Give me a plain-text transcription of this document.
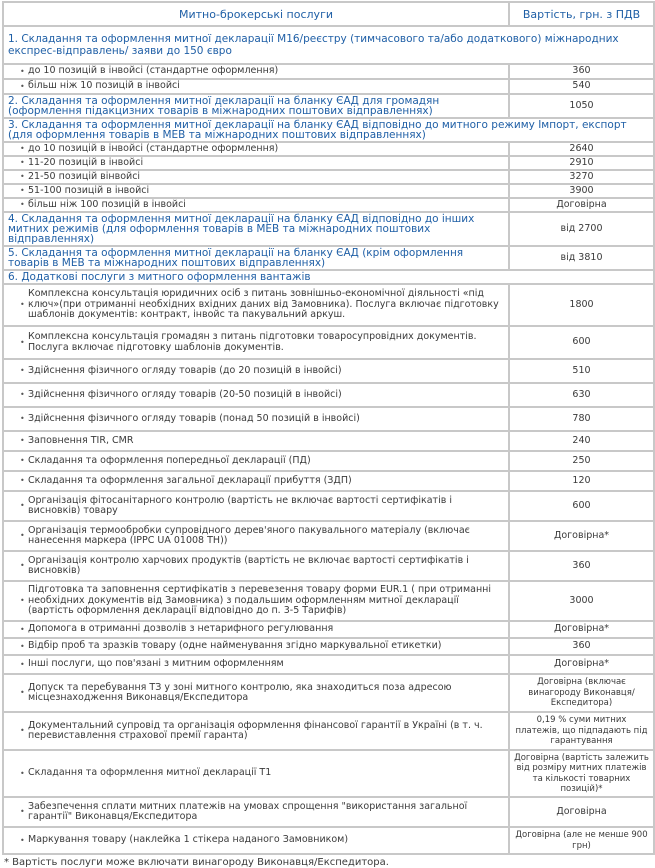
Митно-брокерські послуги	Вартість, грн. з ПДВ
1. Складання та оформлення митної декларації М16/реєстру (тимчасового та/або додаткового) міжнародних експрес-відправлень/ заяви до 150 євро	

• до 10 позицій в інвойсі (стандартне оформлення)	360

• більш ніж 10 позицій в інвойсі	540
2. Складання та оформлення митної декларації на бланку ЄАД для громадян (оформлення підакцизних товарів в міжнародних поштових відправленнях)	1050
3. Складання та оформлення митної декларації на бланку ЄАД відповідно до митного режиму Імпорт, експорт (для оформлення товарів в МЕВ та міжнародних поштових відправленнях)	

• до 10 позицій в інвойсі (стандартне оформлення)	2640

• 11-20 позицій в інвойсі	2910

• 21-50 позицій вінвойсі	3270

• 51-100 позицій в інвойсі	3900

• більш ніж 100 позицій в інвойсі	Договірна
4. Складання та оформлення митної декларації на бланку ЄАД відповідно до інших митних режимів (для оформлення товарів в МЕВ та міжнародних поштових відправленнях)	від 2700
5. Складання та оформлення митної декларації на бланку ЄАД (крім оформлення товарів в МЕВ та міжнародних поштових відправленнях)	від 3810
6. Додаткові послуги з митного оформлення вантажів	

•
Комплексна консультація юридичних осіб з питань зовнішньо-економічної діяльності «під ключ»(при отриманні необхідних вхідних даних від Замовника). Послуга включає підготовку шаблонів документів: контракт, інвойс та пакувальний аркуш.	1800

• Комплексна консультація громадян з питань підготовки товаросупровідних документів. Послуга включає підготовку шаблонів документів.	600

• Здійснення фізичного огляду товарів (до 20 позицій в інвойсі)	510

• Здійснення фізичного огляду товарів (20-50 позицій в інвойсі)	630

• Здійснення фізичного огляду товарів (понад 50 позицій в інвойсі)	780

• Заповнення TIR, CMR	240

• Складання та оформлення попередньої декларації (ПД)	250

• Складання та оформлення загальної декларації прибуття (ЗДП)	120

• Організація фітосанітарного контролю (вартість не включає вартості сертифікатів і висновків) товару	600

• Організація термообробки супровідного дерев'яного пакувального матеріалу (включає нанесення маркера (IPPC UA 01008 TH))	Договірна*

• Організація контролю харчових продуктів (вартість не включає вартості сертифікатів і висновків)	360

•
Підготовка та заповнення сертифікатів з перевезення товару форми EUR.1 ( при отриманні необхідних документів від Замовника) з подальшим оформленням митної декларації (вартість оформлення декларації відповідно до п. 3-5 Тарифів)	3000

• Допомога в отриманні дозволів з нетарифного регулювання	Договірна*

• Відбір проб та зразків товару (одне найменування згідно маркувальної етикетки)	360

• Інші послуги, що пов'язані з митним оформленням	Договірна*

• Допуск та перебування ТЗ у зоні митного контролю, яка знаходиться поза адресою місцезнаходження Виконавця/Експедитора	Договірна (включає винагороду Виконавця/ Експедитора)

• Документальний супровід та організація оформлення фінансової гарантії в Україні (в т. ч. перевиставлення страхової премії гаранта)	0,19 % суми митних платежів, що підпадають під гарантування

• Складання та оформлення митної декларації Т1	Договірна (вартість залежить від розміру митних платежів та кількості товарних позицій)*

• Забезпечення сплати митних платежів на умовах спрощення "використання загальної гарантії" Виконавця/Експедитора	Договірна

• Маркування товару (наклейка 1 стікера наданого Замовником)	Договірна (але не менше 900 грн)
* Вартість послуги може включати винагороду Виконавця/Експедитора.
